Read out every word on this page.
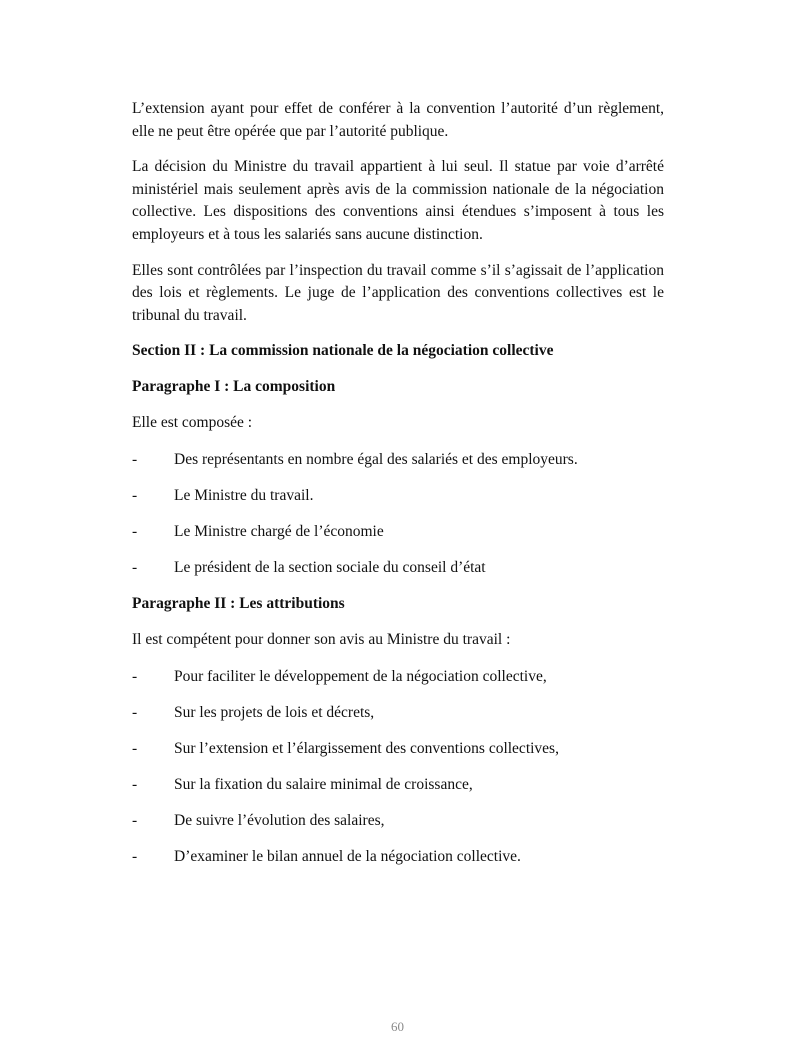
L’extension ayant pour effet de conférer à la convention l’autorité d’un règlement, elle ne peut être opérée que par l’autorité publique.

La décision du Ministre du travail appartient à lui seul. Il statue par voie d’arrêté ministériel mais seulement après avis de la commission nationale de la négociation collective. Les dispositions des conventions ainsi étendues s’imposent à tous les employeurs et à tous les salariés sans aucune distinction.

Elles sont contrôlées par l’inspection du travail comme s’il s’agissait de l’application des lois et règlements. Le juge de l’application des conventions collectives est le tribunal du travail.

Section II : La commission nationale de la négociation collective
Paragraphe I : La composition

Elle est composée :

-	Des représentants en nombre égal des salariés et des employeurs.
-	Le Ministre du travail.
-	Le Ministre chargé de l’économie
-	Le président de la section sociale du conseil d’état
Paragraphe II : Les attributions

Il est compétent pour donner son avis au Ministre du travail :

-	Pour faciliter le développement de la négociation collective,
-	Sur les projets de lois et décrets,
-	Sur l’extension et l’élargissement des conventions collectives,
-	Sur la fixation du salaire minimal de croissance,
-	De suivre l’évolution des salaires,
-	D’examiner le bilan annuel de la négociation collective.
60
